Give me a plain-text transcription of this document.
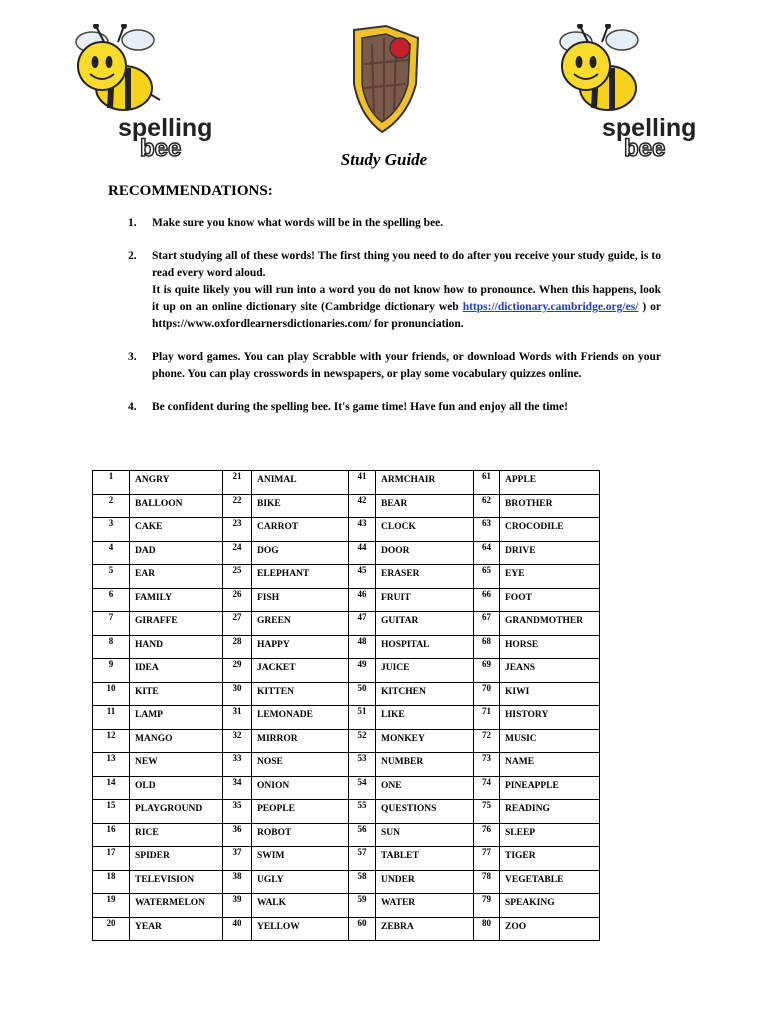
spelling
bee
spelling
bee
Study Guide
RECOMMENDATIONS:
1. Make sure you know what words will be in the spelling bee.

2. Start studying all of these words! The first thing you need to do after you receive your study guide, is to read every word aloud.

It is quite likely you will run into a word you do not know how to pronounce. When this happens, look it up on an online dictionary site (Cambridge dictionary web https://dictionary.cambridge.org/es/ ) or https://www.oxfordlearnersdictionaries.com/ for pronunciation.

3. Play word games. You can play Scrabble with your friends, or download Words with Friends on your phone. You can play crosswords in newspapers, or play some vocabulary quizzes online.

4. Be confident during the spelling bee. It's game time! Have fun and enjoy all the time!

1	ANGRY	21	ANIMAL	41	ARMCHAIR	61	APPLE
2	BALLOON	22	BIKE	42	BEAR	62	BROTHER
3	CAKE	23	CARROT	43	CLOCK	63	CROCODILE
4	DAD	24	DOG	44	DOOR	64	DRIVE
5	EAR	25	ELEPHANT	45	ERASER	65	EYE
6	FAMILY	26	FISH	46	FRUIT	66	FOOT
7	GIRAFFE	27	GREEN	47	GUITAR	67	GRANDMOTHER
8	HAND	28	HAPPY	48	HOSPITAL	68	HORSE
9	IDEA	29	JACKET	49	JUICE	69	JEANS
10	KITE	30	KITTEN	50	KITCHEN	70	KIWI
11	LAMP	31	LEMONADE	51	LIKE	71	HISTORY
12	MANGO	32	MIRROR	52	MONKEY	72	MUSIC
13	NEW	33	NOSE	53	NUMBER	73	NAME
14	OLD	34	ONION	54	ONE	74	PINEAPPLE
15	PLAYGROUND	35	PEOPLE	55	QUESTIONS	75	READING
16	RICE	36	ROBOT	56	SUN	76	SLEEP
17	SPIDER	37	SWIM	57	TABLET	77	TIGER
18	TELEVISION	38	UGLY	58	UNDER	78	VEGETABLE
19	WATERMELON	39	WALK	59	WATER	79	SPEAKING
20	YEAR	40	YELLOW	60	ZEBRA	80	ZOO
